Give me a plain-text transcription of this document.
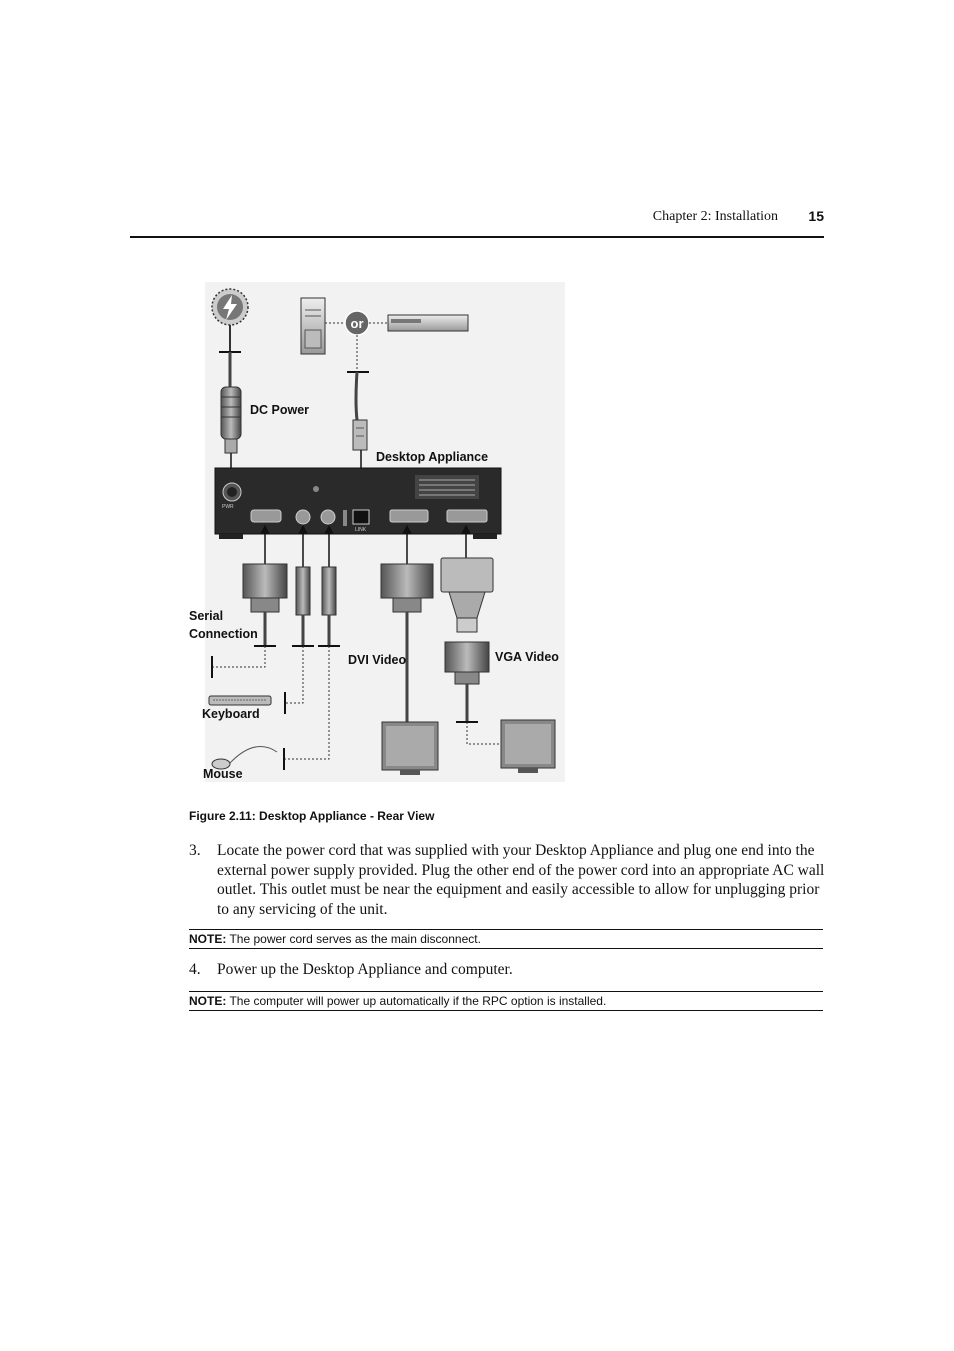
Chapter 2: Installation 15
or
PWR
LINK
DC Power
Desktop Appliance
Serial
Connection
DVI Video	VGA Video
Keyboard
Mouse
Figure 2.11: Desktop Appliance - Rear View
3. Locate the power cord that was supplied with your Desktop Appliance and plug one end into the external power supply provided. Plug the other end of the power cord into an appropriate AC wall outlet. This outlet must be near the equipment and easily accessible to allow for unplugging prior to any servicing of the unit.
NOTE: The power cord serves as the main disconnect.
4. Power up the Desktop Appliance and computer.
NOTE: The computer will power up automatically if the RPC option is installed.
